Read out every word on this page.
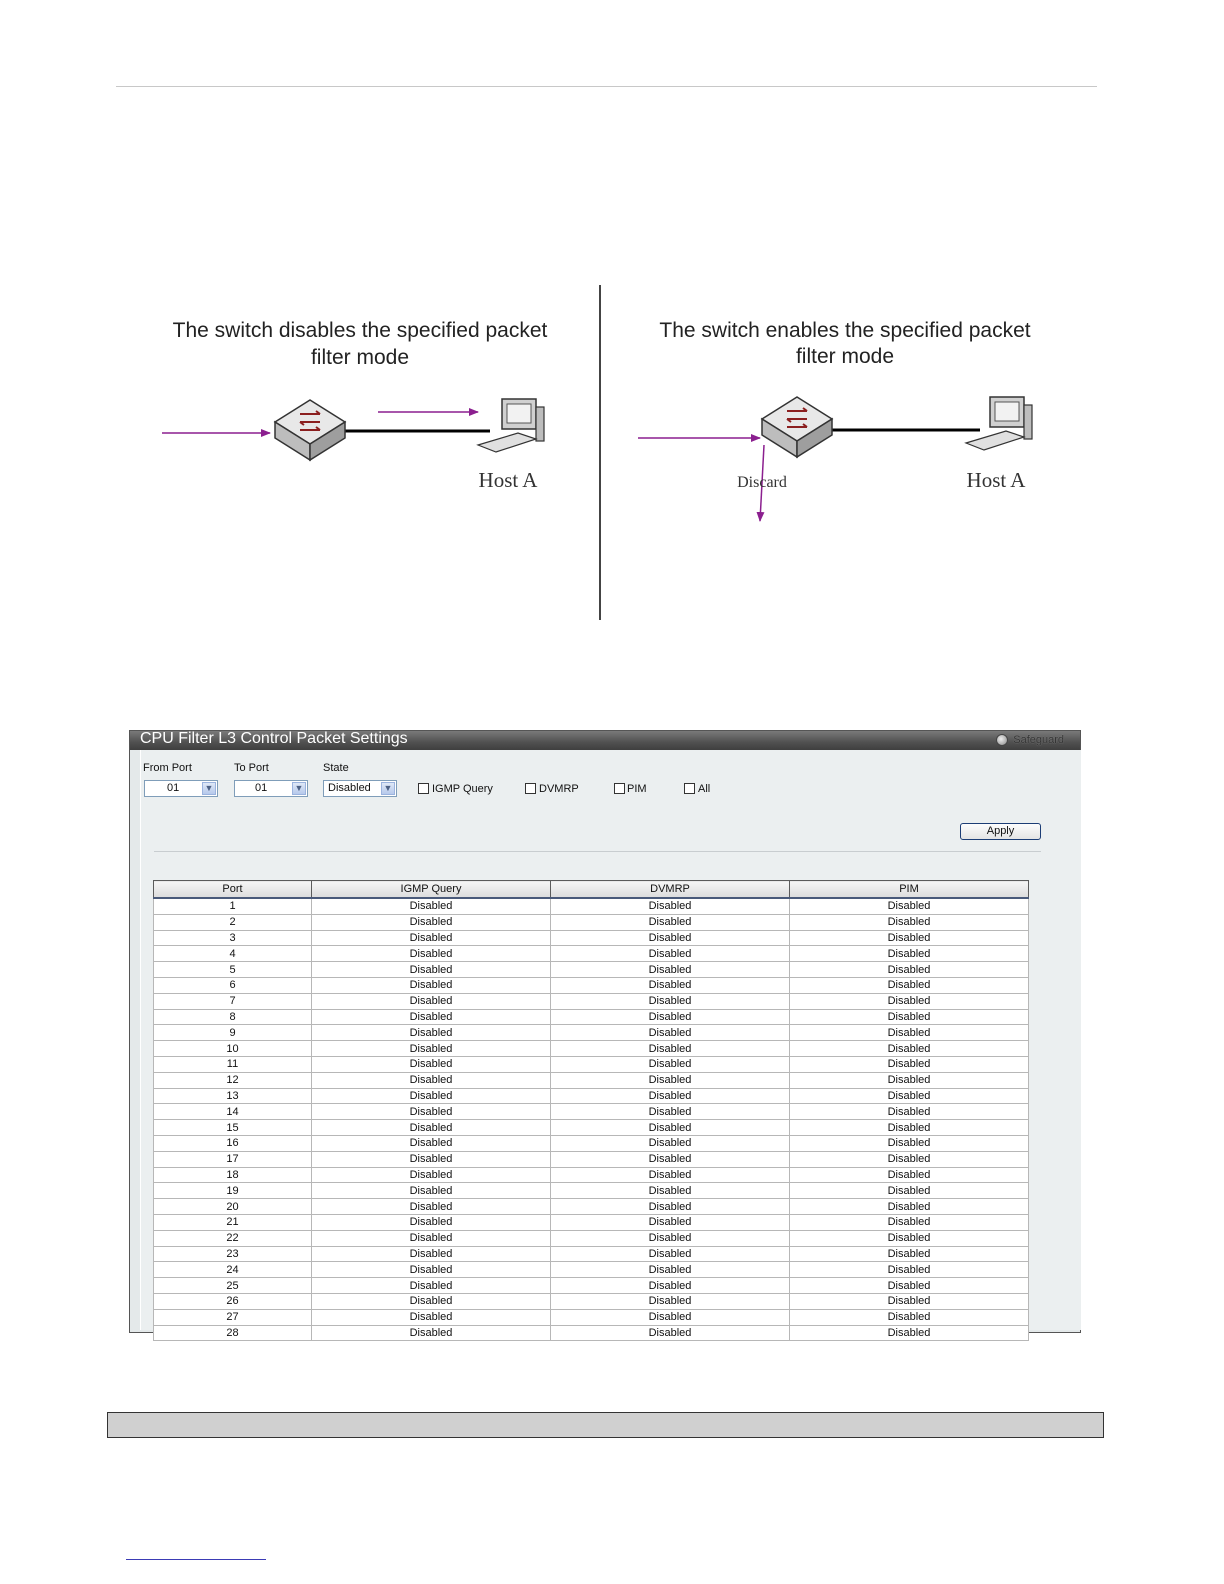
The switch disables the specified packet
filter mode
The switch enables the specified packet
filter mode
Host A	Discard	Host A
CPU Filter L3 Control Packet Settings	Safeguard
From Port	To Port	State
01	▼	01	▼ Disabled ▼	IGMP Query	DVMRP	PIM	All
Apply
Port	IGMP Query	DVMRP	PIM
1	Disabled	Disabled	Disabled
2	Disabled	Disabled	Disabled
3	Disabled	Disabled	Disabled
4	Disabled	Disabled	Disabled
5	Disabled	Disabled	Disabled
6	Disabled	Disabled	Disabled
7	Disabled	Disabled	Disabled
8	Disabled	Disabled	Disabled
9	Disabled	Disabled	Disabled
10	Disabled	Disabled	Disabled
11	Disabled	Disabled	Disabled
12	Disabled	Disabled	Disabled
13	Disabled	Disabled	Disabled
14	Disabled	Disabled	Disabled
15	Disabled	Disabled	Disabled
16	Disabled	Disabled	Disabled
17	Disabled	Disabled	Disabled
18	Disabled	Disabled	Disabled
19	Disabled	Disabled	Disabled
20	Disabled	Disabled	Disabled
21	Disabled	Disabled	Disabled
22	Disabled	Disabled	Disabled
23	Disabled	Disabled	Disabled
24	Disabled	Disabled	Disabled
25	Disabled	Disabled	Disabled
26	Disabled	Disabled	Disabled
27	Disabled	Disabled	Disabled
28	Disabled	Disabled	Disabled
